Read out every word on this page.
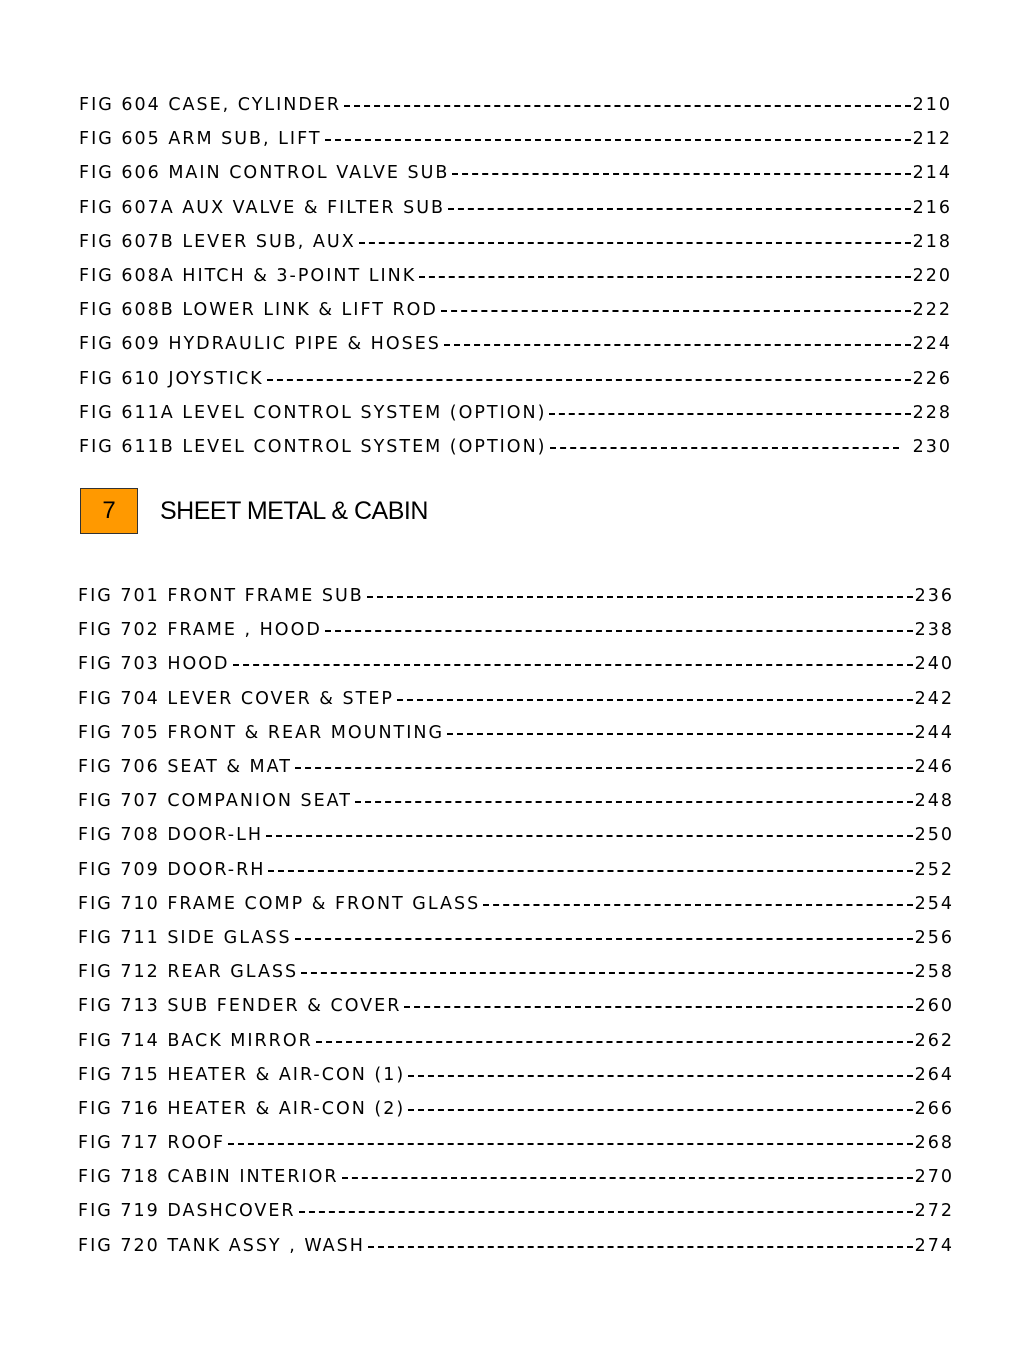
FIG 604 CASE, CYLINDER	210
FIG 605 ARM SUB, LIFT	212
FIG 606 MAIN CONTROL VALVE SUB	214
FIG 607A AUX VALVE & FILTER SUB	216
FIG 607B LEVER SUB, AUX	218
FIG 608A HITCH & 3-POINT LINK	220
FIG 608B LOWER LINK & LIFT ROD	222
FIG 609 HYDRAULIC PIPE & HOSES	224
FIG 610 JOYSTICK	226
FIG 611A LEVEL CONTROL SYSTEM (OPTION)	228
FIG 611B LEVEL CONTROL SYSTEM (OPTION)	230
7	SHEET METAL & CABIN
FIG 701 FRONT FRAME SUB	236
FIG 702 FRAME , HOOD	238
FIG 703 HOOD	240
FIG 704 LEVER COVER & STEP	242
FIG 705 FRONT & REAR MOUNTING	244
FIG 706 SEAT & MAT	246
FIG 707 COMPANION SEAT	248
FIG 708 DOOR-LH	250
FIG 709 DOOR-RH	252
FIG 710 FRAME COMP & FRONT GLASS	254
FIG 711 SIDE GLASS	256
FIG 712 REAR GLASS	258
FIG 713 SUB FENDER & COVER	260
FIG 714 BACK MIRROR	262
FIG 715 HEATER & AIR-CON (1)	264
FIG 716 HEATER & AIR-CON (2)	266
FIG 717 ROOF	268
FIG 718 CABIN INTERIOR	270
FIG 719 DASHCOVER	272
FIG 720 TANK ASSY , WASH	274
